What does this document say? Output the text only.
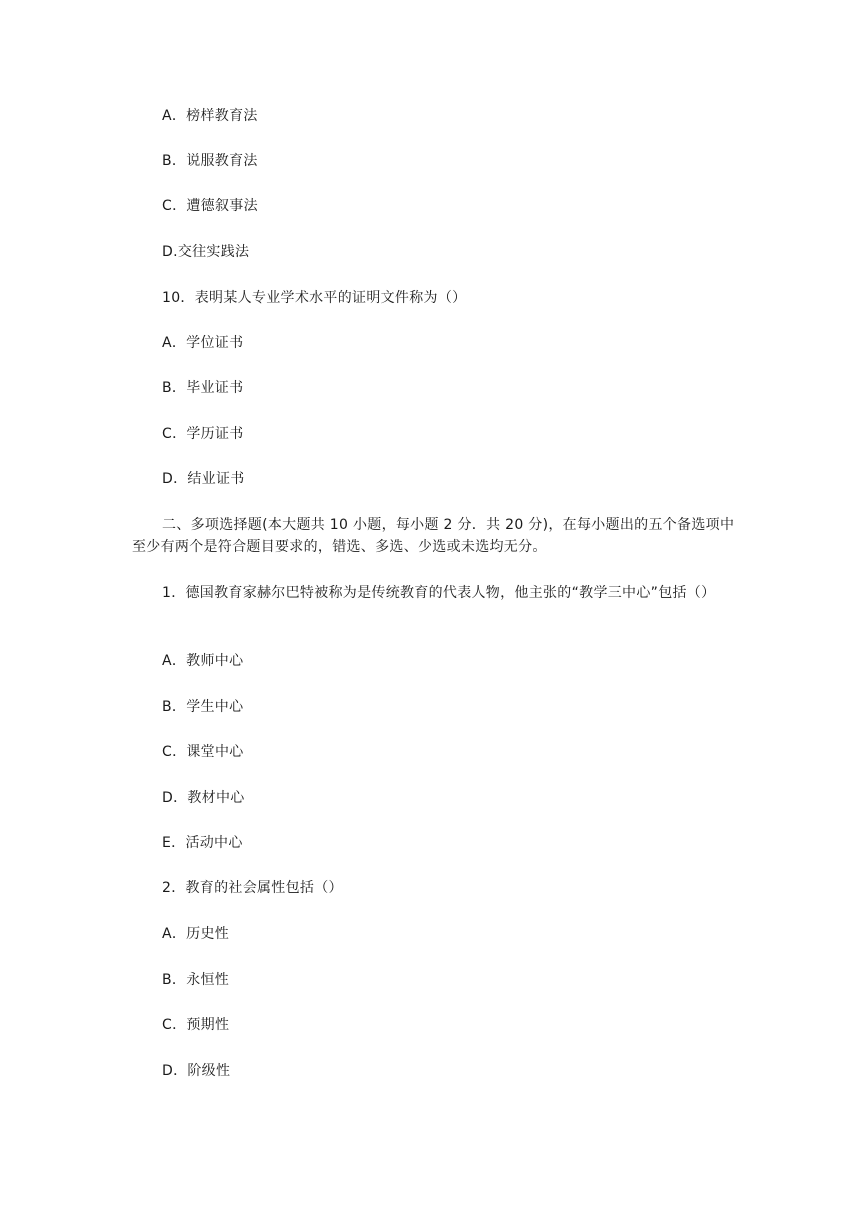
A．榜样教育法
B．说服教育法
C．遭德叙事法
D.交往实践法
10．表明某人专业学术水平的证明文件称为（）
A．学位证书
B．毕业证书
C．学历证书
D．结业证书
二、多项选择题(本大题共 10 小题，每小题 2 分．共 20 分)，在每小题出的五个备选项中至少有两个是符合题目要求的，错选、多选、少选或未选均无分。
1．德国教育家赫尔巴特被称为是传统教育的代表人物，他主张的“教学三中心”包括（）
A．教师中心
B．学生中心
C．课堂中心
D．教材中心
E．活动中心
2．教育的社会属性包括（）
A．历史性
B．永恒性
C．预期性
D．阶级性
